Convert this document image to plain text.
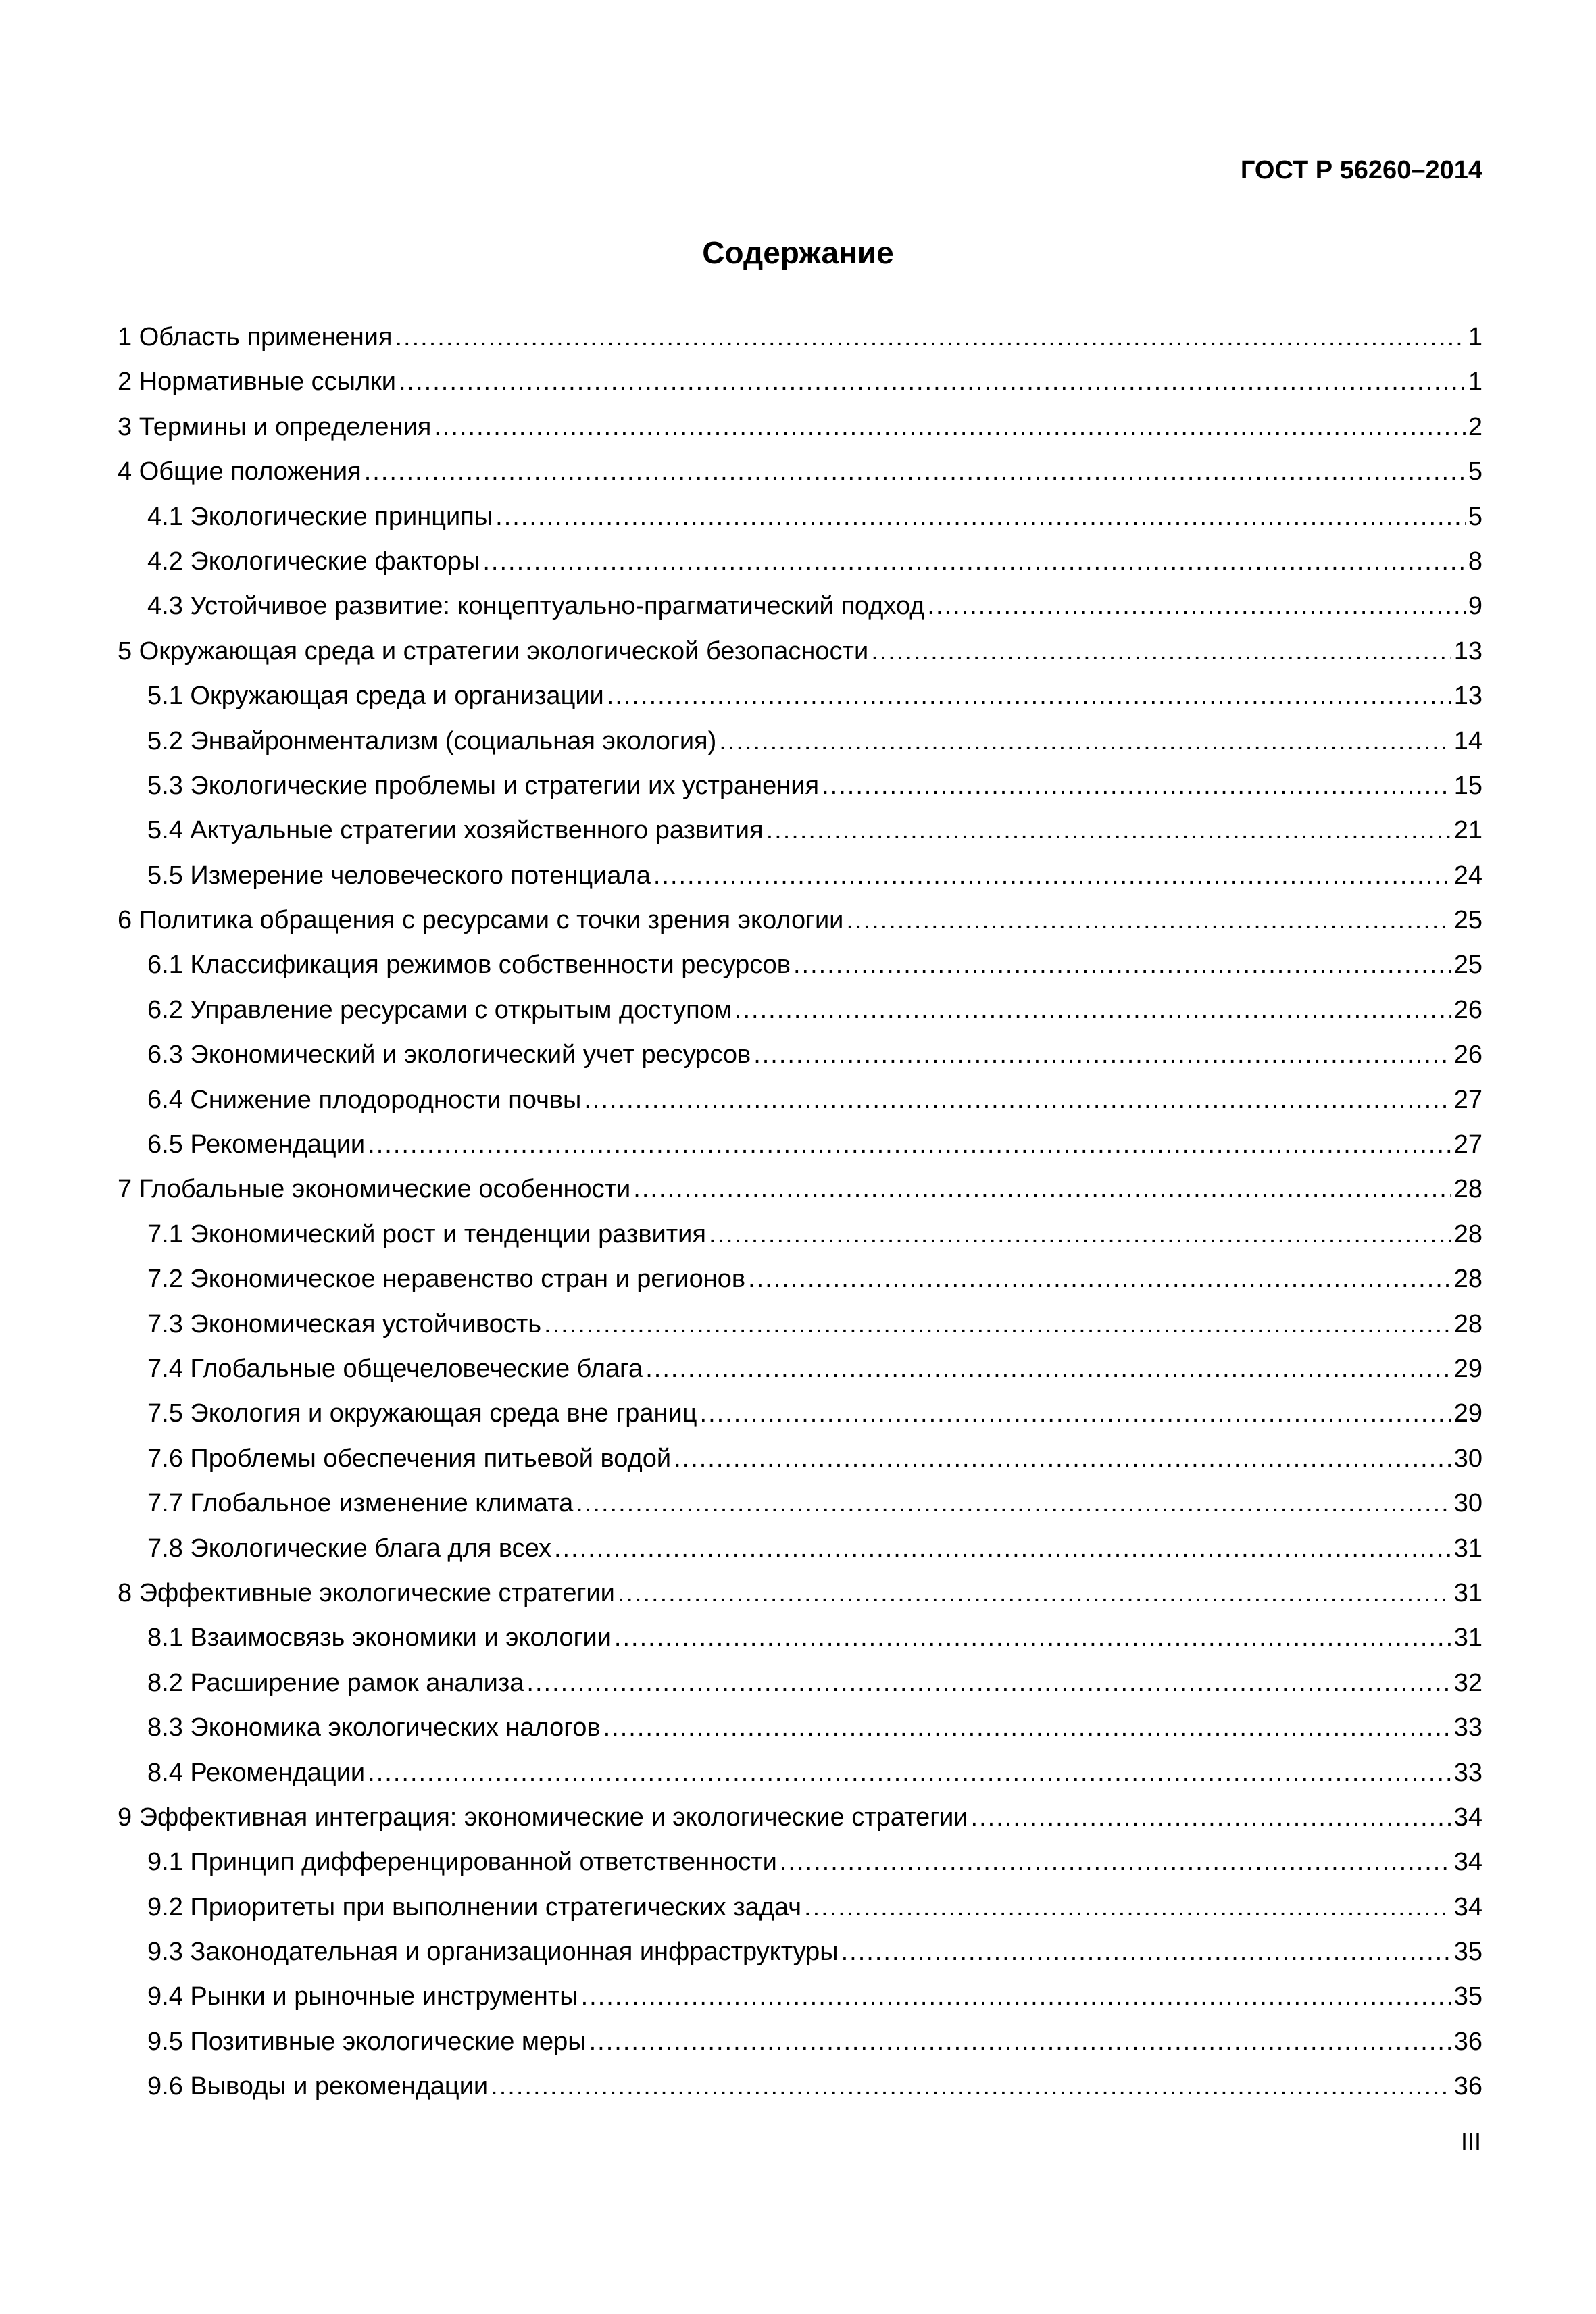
ГОСТ Р 56260–2014
Содержание
1 Область применения .....	1
2 Нормативные ссылки .....	1
3 Термины и определения .....	2
4 Общие положения .....	5
4.1 Экологические принципы .....	5
4.2 Экологические факторы .....	8
4.3 Устойчивое развитие: концептуально-прагматический подход .....	9
5 Окружающая среда и стратегии экологической безопасности .....	13
5.1 Окружающая среда и организации .....	13
5.2 Энвайронментализм (социальная экология) .....	14
5.3 Экологические проблемы и стратегии их устранения .....	15
5.4 Актуальные стратегии хозяйственного развития .....	21
5.5 Измерение человеческого потенциала .....	24
6 Политика обращения с ресурсами с точки зрения экологии .....	25
6.1 Классификация режимов собственности ресурсов .....	25
6.2 Управление ресурсами с открытым доступом .....	26
6.3 Экономический и экологический учет ресурсов .....	26
6.4 Снижение плодородности почвы .....	27
6.5 Рекомендации .....	27
7 Глобальные экономические особенности .....	28
7.1 Экономический рост и тенденции развития .....	28
7.2 Экономическое неравенство стран и регионов .....	28
7.3 Экономическая устойчивость .....	28
7.4 Глобальные общечеловеческие блага .....	29
7.5 Экология и окружающая среда вне границ .....	29
7.6 Проблемы обеспечения питьевой водой .....	30
7.7 Глобальное изменение климата .....	30
7.8 Экологические блага для всех .....	31
8 Эффективные экологические стратегии .....	31
8.1 Взаимосвязь экономики и экологии .....	31
8.2 Расширение рамок анализа .....	32
8.3 Экономика экологических налогов .....	33
8.4 Рекомендации .....	33
9 Эффективная интеграция: экономические и экологические стратегии .....	34
9.1 Принцип дифференцированной ответственности .....	34
9.2 Приоритеты при выполнении стратегических задач .....	34
9.3 Законодательная и организационная инфраструктуры .....	35
9.4 Рынки и рыночные инструменты .....	35
9.5 Позитивные экологические меры .....	36
9.6 Выводы и рекомендации .....	36
III
